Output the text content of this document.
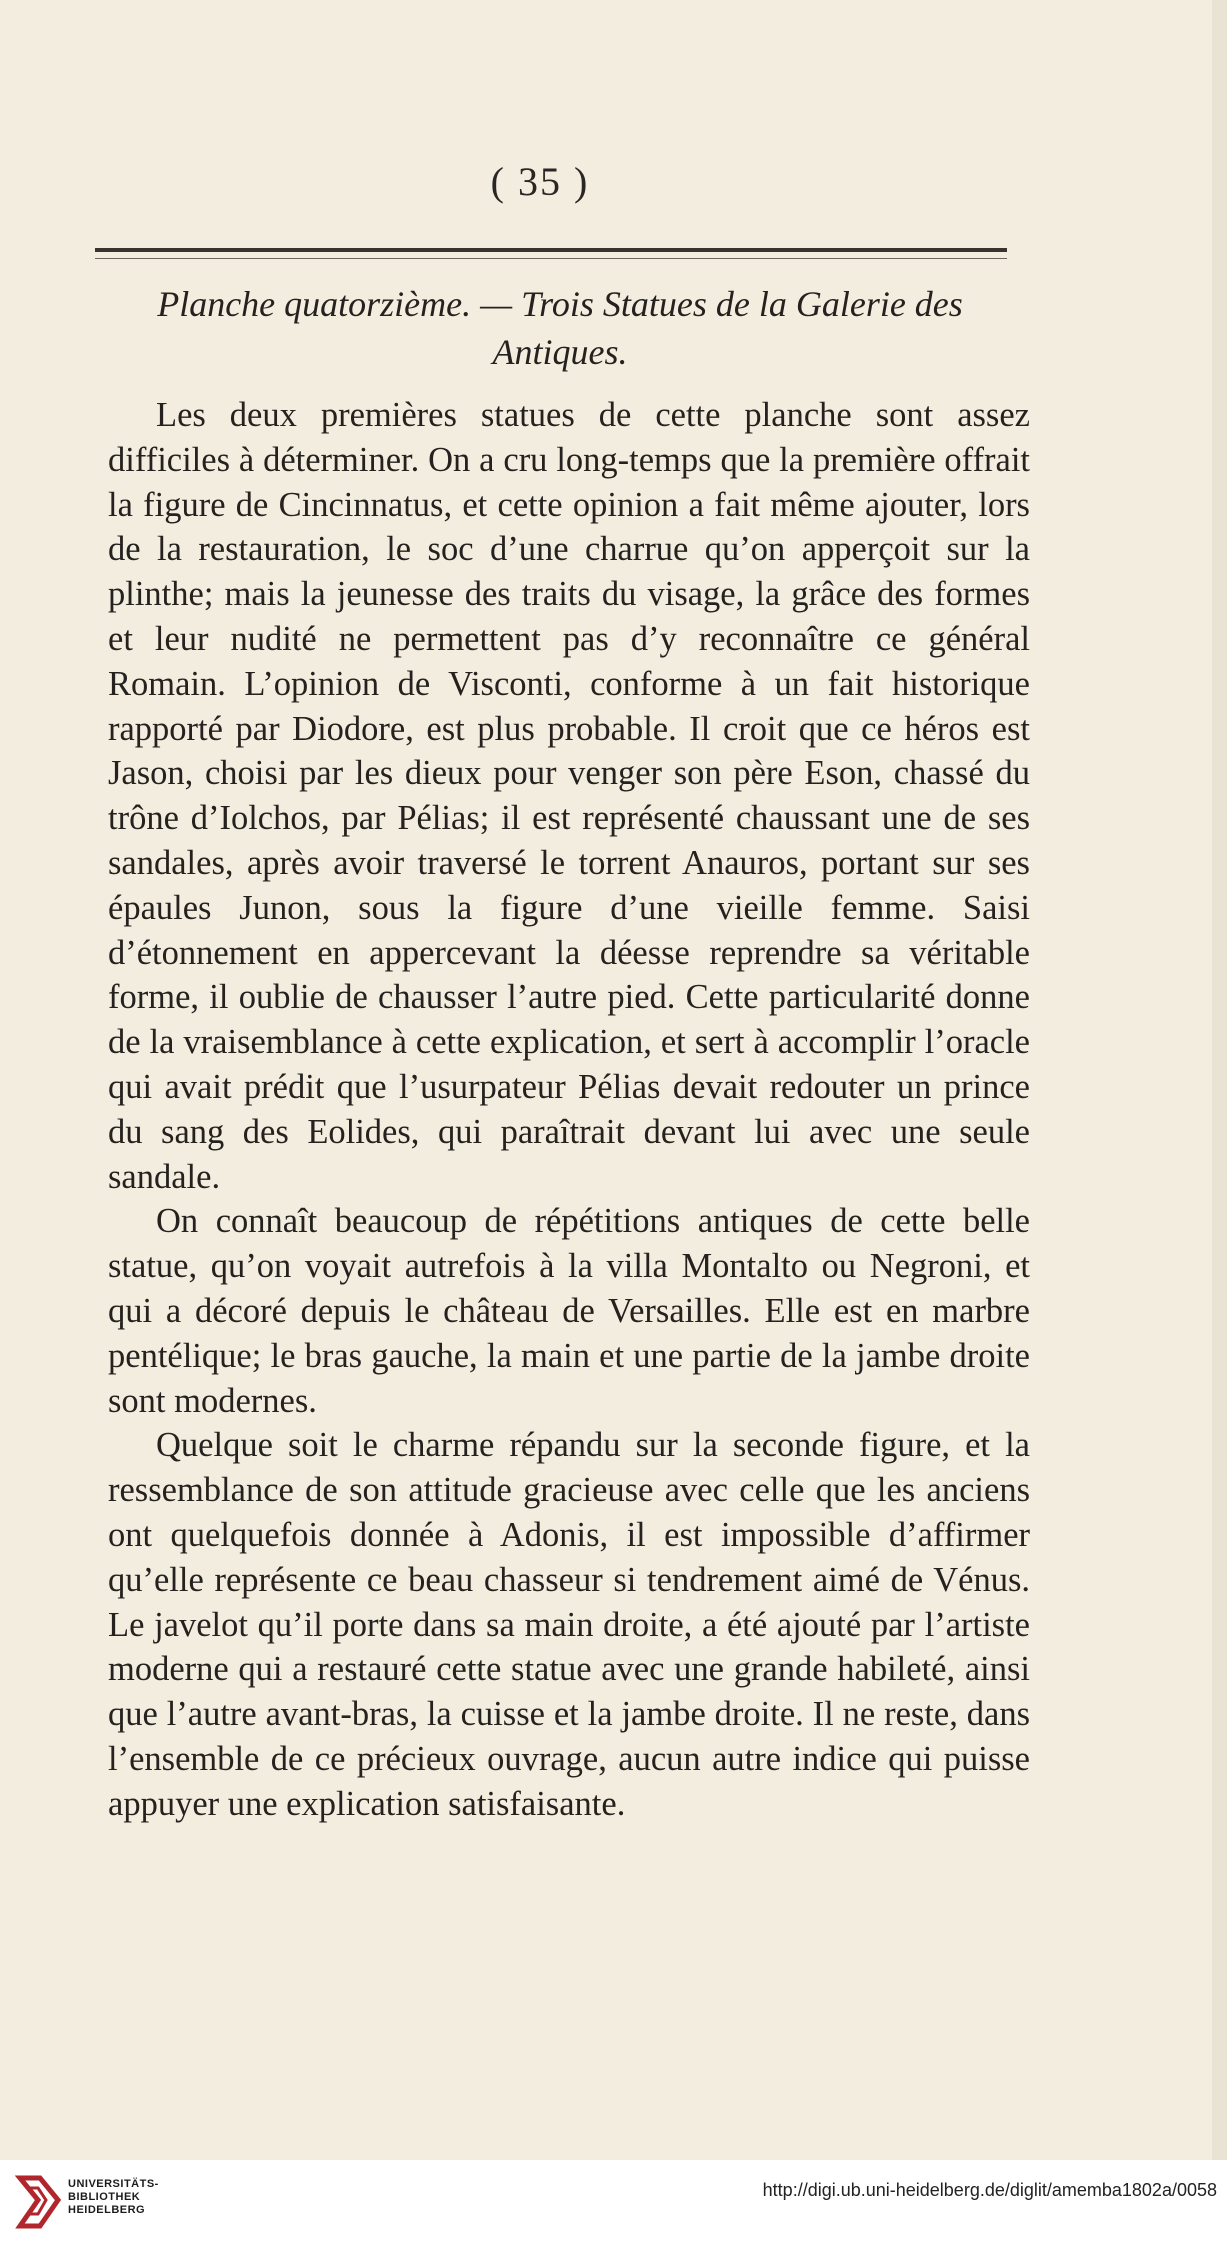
( 35 )
Planche quatorzième. — Trois Statues de la Galerie des Antiques.

Les deux premières statues de cette planche sont assez difficiles à déterminer. On a cru long-temps que la première offrait la figure de Cincinnatus, et cette opinion a fait même ajouter, lors de la restauration, le soc d’une charrue qu’on apperçoit sur la plinthe; mais la jeunesse des traits du visage, la grâce des formes et leur nudité ne permettent pas d’y reconnaître ce général Romain. L’opinion de Visconti, conforme à un fait historique rapporté par Diodore, est plus probable. Il croit que ce héros est Jason, choisi par les dieux pour venger son père Eson, chassé du trône d’Iolchos, par Pélias; il est représenté chaussant une de ses sandales, après avoir traversé le torrent Anauros, portant sur ses épaules Junon, sous la figure d’une vieille femme. Saisi d’étonnement en appercevant la déesse reprendre sa véritable forme, il oublie de chausser l’autre pied. Cette particularité donne de la vraisemblance à cette explication, et sert à accomplir l’oracle qui avait prédit que l’usurpateur Pélias devait redouter un prince du sang des Eolides, qui paraîtrait devant lui avec une seule sandale.

On connaît beaucoup de répétitions antiques de cette belle statue, qu’on voyait autrefois à la villa Montalto ou Negroni, et qui a décoré depuis le château de Versailles. Elle est en marbre pentélique; le bras gauche, la main et une partie de la jambe droite sont modernes.

Quelque soit le charme répandu sur la seconde figure, et la ressemblance de son attitude gracieuse avec celle que les anciens ont quelquefois donnée à Adonis, il est impossible d’affirmer qu’elle représente ce beau chasseur si tendrement aimé de Vénus. Le javelot qu’il porte dans sa main droite, a été ajouté par l’artiste moderne qui a restauré cette statue avec une grande habileté, ainsi que l’autre avant-bras, la cuisse et la jambe droite. Il ne reste, dans l’ensemble de ce précieux ouvrage, aucun autre indice qui puisse appuyer une explication satisfaisante.

UNIVERSITÄTS-
BIBLIOTHEK
HEIDELBERG
http://digi.ub.uni-heidelberg.de/diglit/amemba1802a/0058
